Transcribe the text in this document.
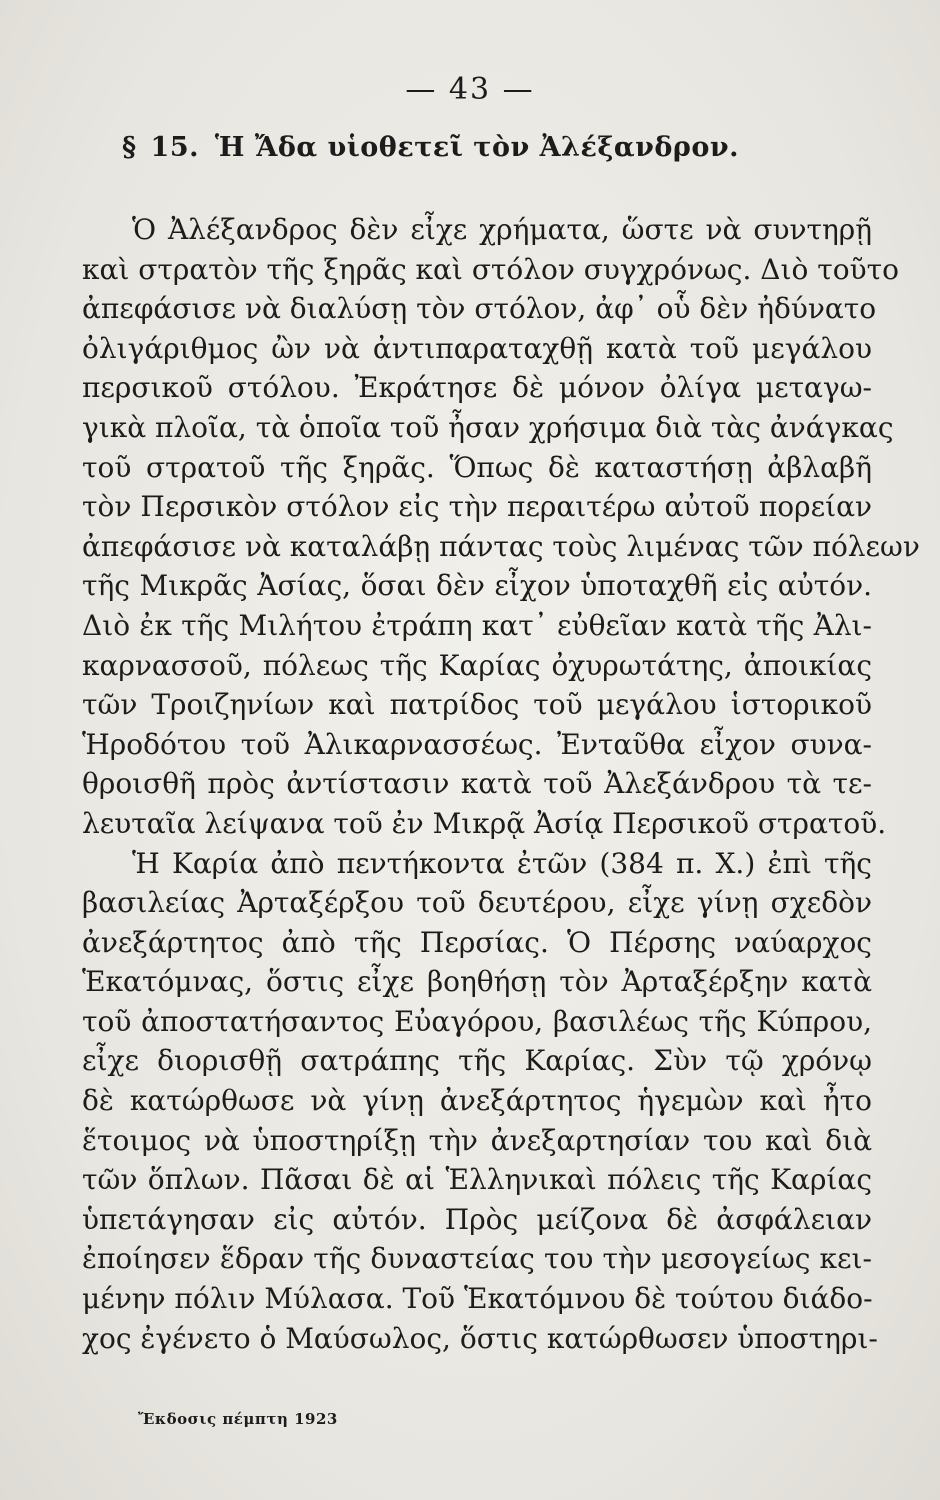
— 43 —
§ 15. Ἡ Ἄδα υἱοθετεῖ τὸν Ἀλέξανδρον.
Ὁ Ἀλέξανδρος δὲν εἶχε χρήματα, ὥστε νὰ συντηρῇ
καὶ στρατὸν τῆς ξηρᾶς καὶ στόλον συγχρόνως. Διὸ τοῦτο
ἀπεφάσισε νὰ διαλύσῃ τὸν στόλον, ἀφ᾽ οὗ δὲν ἠδύνατο
ὀλιγάριθμος ὢν νὰ ἀντιπαραταχθῇ κατὰ τοῦ μεγάλου
περσικοῦ στόλου. Ἐκράτησε δὲ μόνον ὀλίγα μεταγω-
γικὰ πλοῖα, τὰ ὁποῖα τοῦ ἦσαν χρήσιμα διὰ τὰς ἀνάγκας
τοῦ στρατοῦ τῆς ξηρᾶς. Ὅπως δὲ καταστήσῃ ἀβλαβῆ
τὸν Περσικὸν στόλον εἰς τὴν περαιτέρω αὐτοῦ πορείαν
ἀπεφάσισε νὰ καταλάβῃ πάντας τοὺς λιμένας τῶν πόλεων
τῆς Μικρᾶς Ἀσίας, ὅσαι δὲν εἶχον ὑποταχθῆ εἰς αὐτόν.
Διὸ ἐκ τῆς Μιλήτου ἐτράπη κατ᾽ εὐθεῖαν κατὰ τῆς Ἀλι-
καρνασσοῦ, πόλεως τῆς Καρίας ὀχυρωτάτης, ἀποικίας
τῶν Τροιζηνίων καὶ πατρίδος τοῦ μεγάλου ἱστορικοῦ
Ἡροδότου τοῦ Ἀλικαρνασσέως. Ἐνταῦθα εἶχον συνα-
θροισθῆ πρὸς ἀντίστασιν κατὰ τοῦ Ἀλεξάνδρου τὰ τε-
λευταῖα λείψανα τοῦ ἐν Μικρᾷ Ἀσίᾳ Περσικοῦ στρατοῦ.
Ἡ Καρία ἀπὸ πεντήκοντα ἐτῶν (384 π. Χ.) ἐπὶ τῆς
βασιλείας Ἀρταξέρξου τοῦ δευτέρου, εἶχε γίνῃ σχεδὸν
ἀνεξάρτητος ἀπὸ τῆς Περσίας. Ὁ Πέρσης ναύαρχος
Ἑκατόμνας, ὅστις εἶχε βοηθήσῃ τὸν Ἀρταξέρξην κατὰ
τοῦ ἀποστατήσαντος Εὐαγόρου, βασιλέως τῆς Κύπρου,
εἶχε διορισθῇ σατράπης τῆς Καρίας. Σὺν τῷ χρόνῳ
δὲ κατώρθωσε νὰ γίνῃ ἀνεξάρτητος ἡγεμὼν καὶ ἦτο
ἕτοιμος νὰ ὑποστηρίξῃ τὴν ἀνεξαρτησίαν του καὶ διὰ
τῶν ὅπλων. Πᾶσαι δὲ αἱ Ἑλληνικαὶ πόλεις τῆς Καρίας
ὑπετάγησαν εἰς αὐτόν. Πρὸς μείζονα δὲ ἀσφάλειαν
ἐποίησεν ἕδραν τῆς δυναστείας του τὴν μεσογείως κει-
μένην πόλιν Μύλασα. Τοῦ Ἑκατόμνου δὲ τούτου διάδο-
χος ἐγένετο ὁ Μαύσωλος, ὅστις κατώρθωσεν ὑποστηρι-
Ἔκδοσις πέμπτη 1923
